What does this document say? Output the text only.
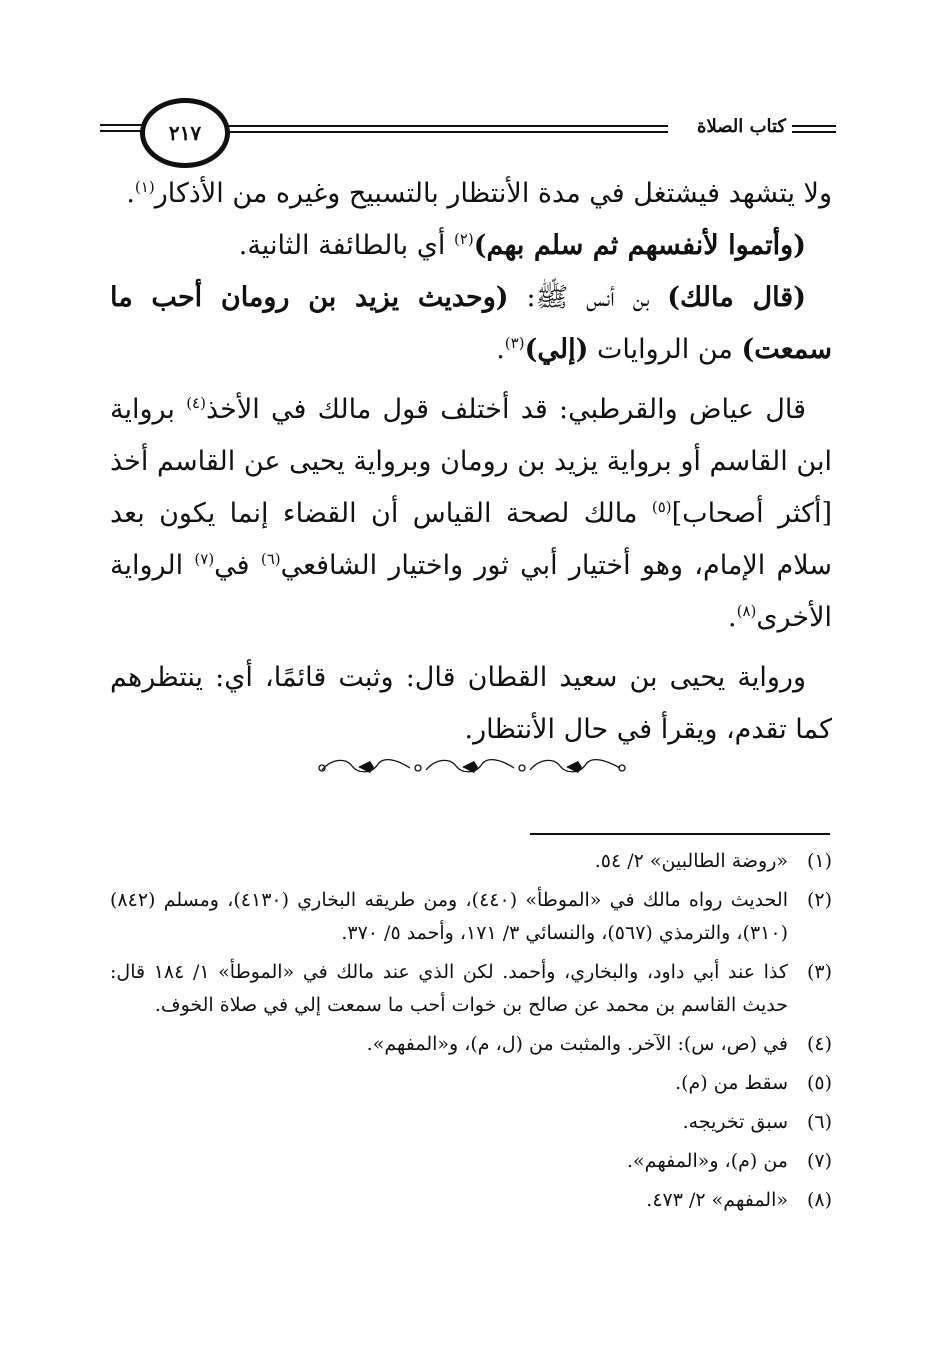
٢١٧	كتاب الصلاة

ولا يتشهد فيشتغل في مدة الأنتظار بالتسبيح وغيره من الأذكار$^{(١)}$.

(وأتموا لأنفسهم ثم سلم بهم)$^{(٢)}$ أي بالطائفة الثانية.

(قال مالك) بن أنس ﷺ: (وحديث يزيد بن رومان أحب ما سمعت) من الروايات (إلي)$^{(٣)}$.

قال عياض والقرطبي: قد أختلف قول مالك في الأخذ$^{(٤)}$ برواية ابن القاسم أو برواية يزيد بن رومان وبرواية يحيى عن القاسم أخذ [أكثر أصحاب]$^{(٥)}$ مالك لصحة القياس أن القضاء إنما يكون بعد سلام الإمام، وهو أختيار أبي ثور واختيار الشافعي$^{(٦)}$ في$^{(٧)}$ الرواية الأخرى$^{(٨)}$.

ورواية يحيى بن سعيد القطان قال: وثبت قائمًا، أي: ينتظرهم كما تقدم، ويقرأ في حال الأنتظار.

(١)
«روضة الطالبين» ٢/ ٥٤.
(٢)
الحديث رواه مالك في «الموطأ» (٤٤٠)، ومن طريقه البخاري (٤١٣٠)، ومسلم (٨٤٢) (٣١٠)، والترمذي (٥٦٧)، والنسائي ٣/ ١٧١، وأحمد ٥/ ٣٧٠.
(٣)
كذا عند أبي داود، والبخاري، وأحمد. لكن الذي عند مالك في «الموطأ» ١/ ١٨٤ قال: حديث القاسم بن محمد عن صالح بن خوات أحب ما سمعت إلي في صلاة الخوف.
(٤)
في (ص، س): الآخر. والمثبت من (ل، م)، و«المفهم».
(٥)
سقط من (م).
(٦)
سبق تخريجه.
(٧)
من (م)، و«المفهم».
(٨)
«المفهم» ٢/ ٤٧٣.
